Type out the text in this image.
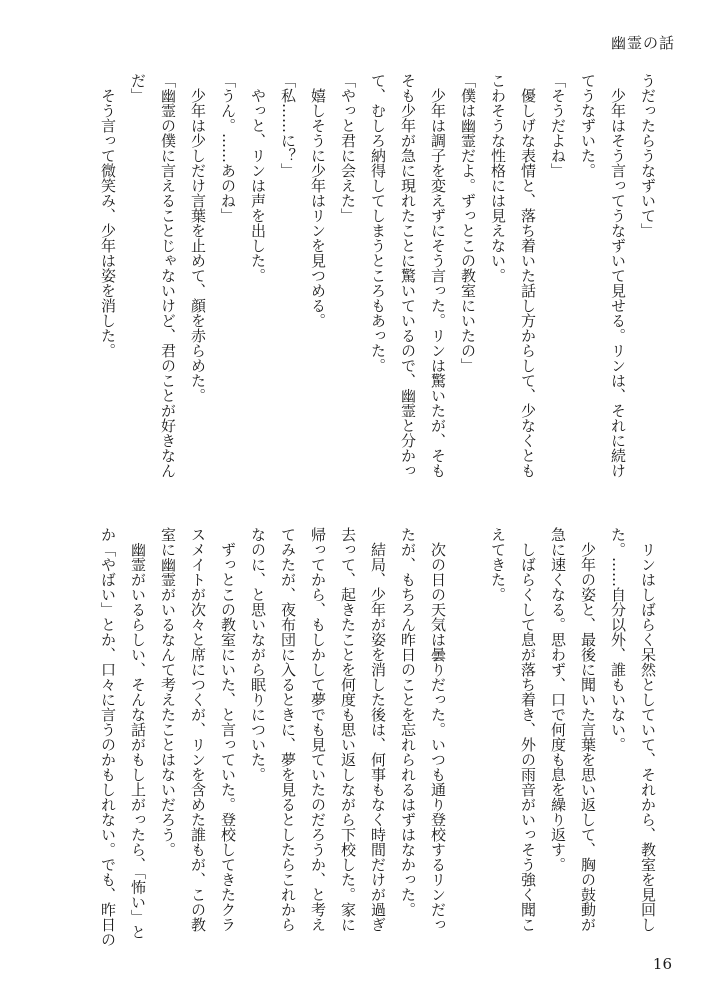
幽霊の話
うだったらうなずいて」
　少年はそう言ってうなずいて見せる。リンは、それに続け
てうなずいた。
「そうだよね」
　優しげな表情と、落ち着いた話し方からして、少なくとも
こわそうな性格には見えない。
「僕は幽霊だよ。ずっとこの教室にいたの」
　少年は調子を変えずにそう言った。リンは驚いたが、そも
そも少年が急に現れたことに驚いているので、幽霊と分かっ
て、むしろ納得してしまうところもあった。
「やっと君に会えた」
　嬉しそうに少年はリンを見つめる。
「私……に？」
　やっと、リンは声を出した。
「うん。……あのね」
　少年は少しだけ言葉を止めて、顔を赤らめた。
「幽霊の僕に言えることじゃないけど、君のことが好きなん
だ」
　そう言って微笑み、少年は姿を消した。
　リンはしばらく呆然としていて、それから、教室を見回し
た。……自分以外、誰もいない。
　少年の姿と、最後に聞いた言葉を思い返して、胸の鼓動が
急に速くなる。思わず、口で何度も息を繰り返す。
　しばらくして息が落ち着き、外の雨音がいっそう強く聞こ
えてきた。
　次の日の天気は曇りだった。いつも通り登校するリンだっ
たが、もちろん昨日のことを忘れられるはずはなかった。
　結局、少年が姿を消した後は、何事もなく時間だけが過ぎ
去って、起きたことを何度も思い返しながら下校した。家に
帰ってから、もしかして夢でも見ていたのだろうか、と考え
てみたが、夜布団に入るときに、夢を見るとしたらこれから
なのに、と思いながら眠りについた。
　ずっとこの教室にいた、と言っていた。登校してきたクラ
スメイトが次々と席につくが、リンを含めた誰もが、この教
室に幽霊がいるなんて考えたことはないだろう。
　幽霊がいるらしい、そんな話がもし上がったら、「怖い」と
か「やばい」とか、口々に言うのかもしれない。でも、昨日の
16
